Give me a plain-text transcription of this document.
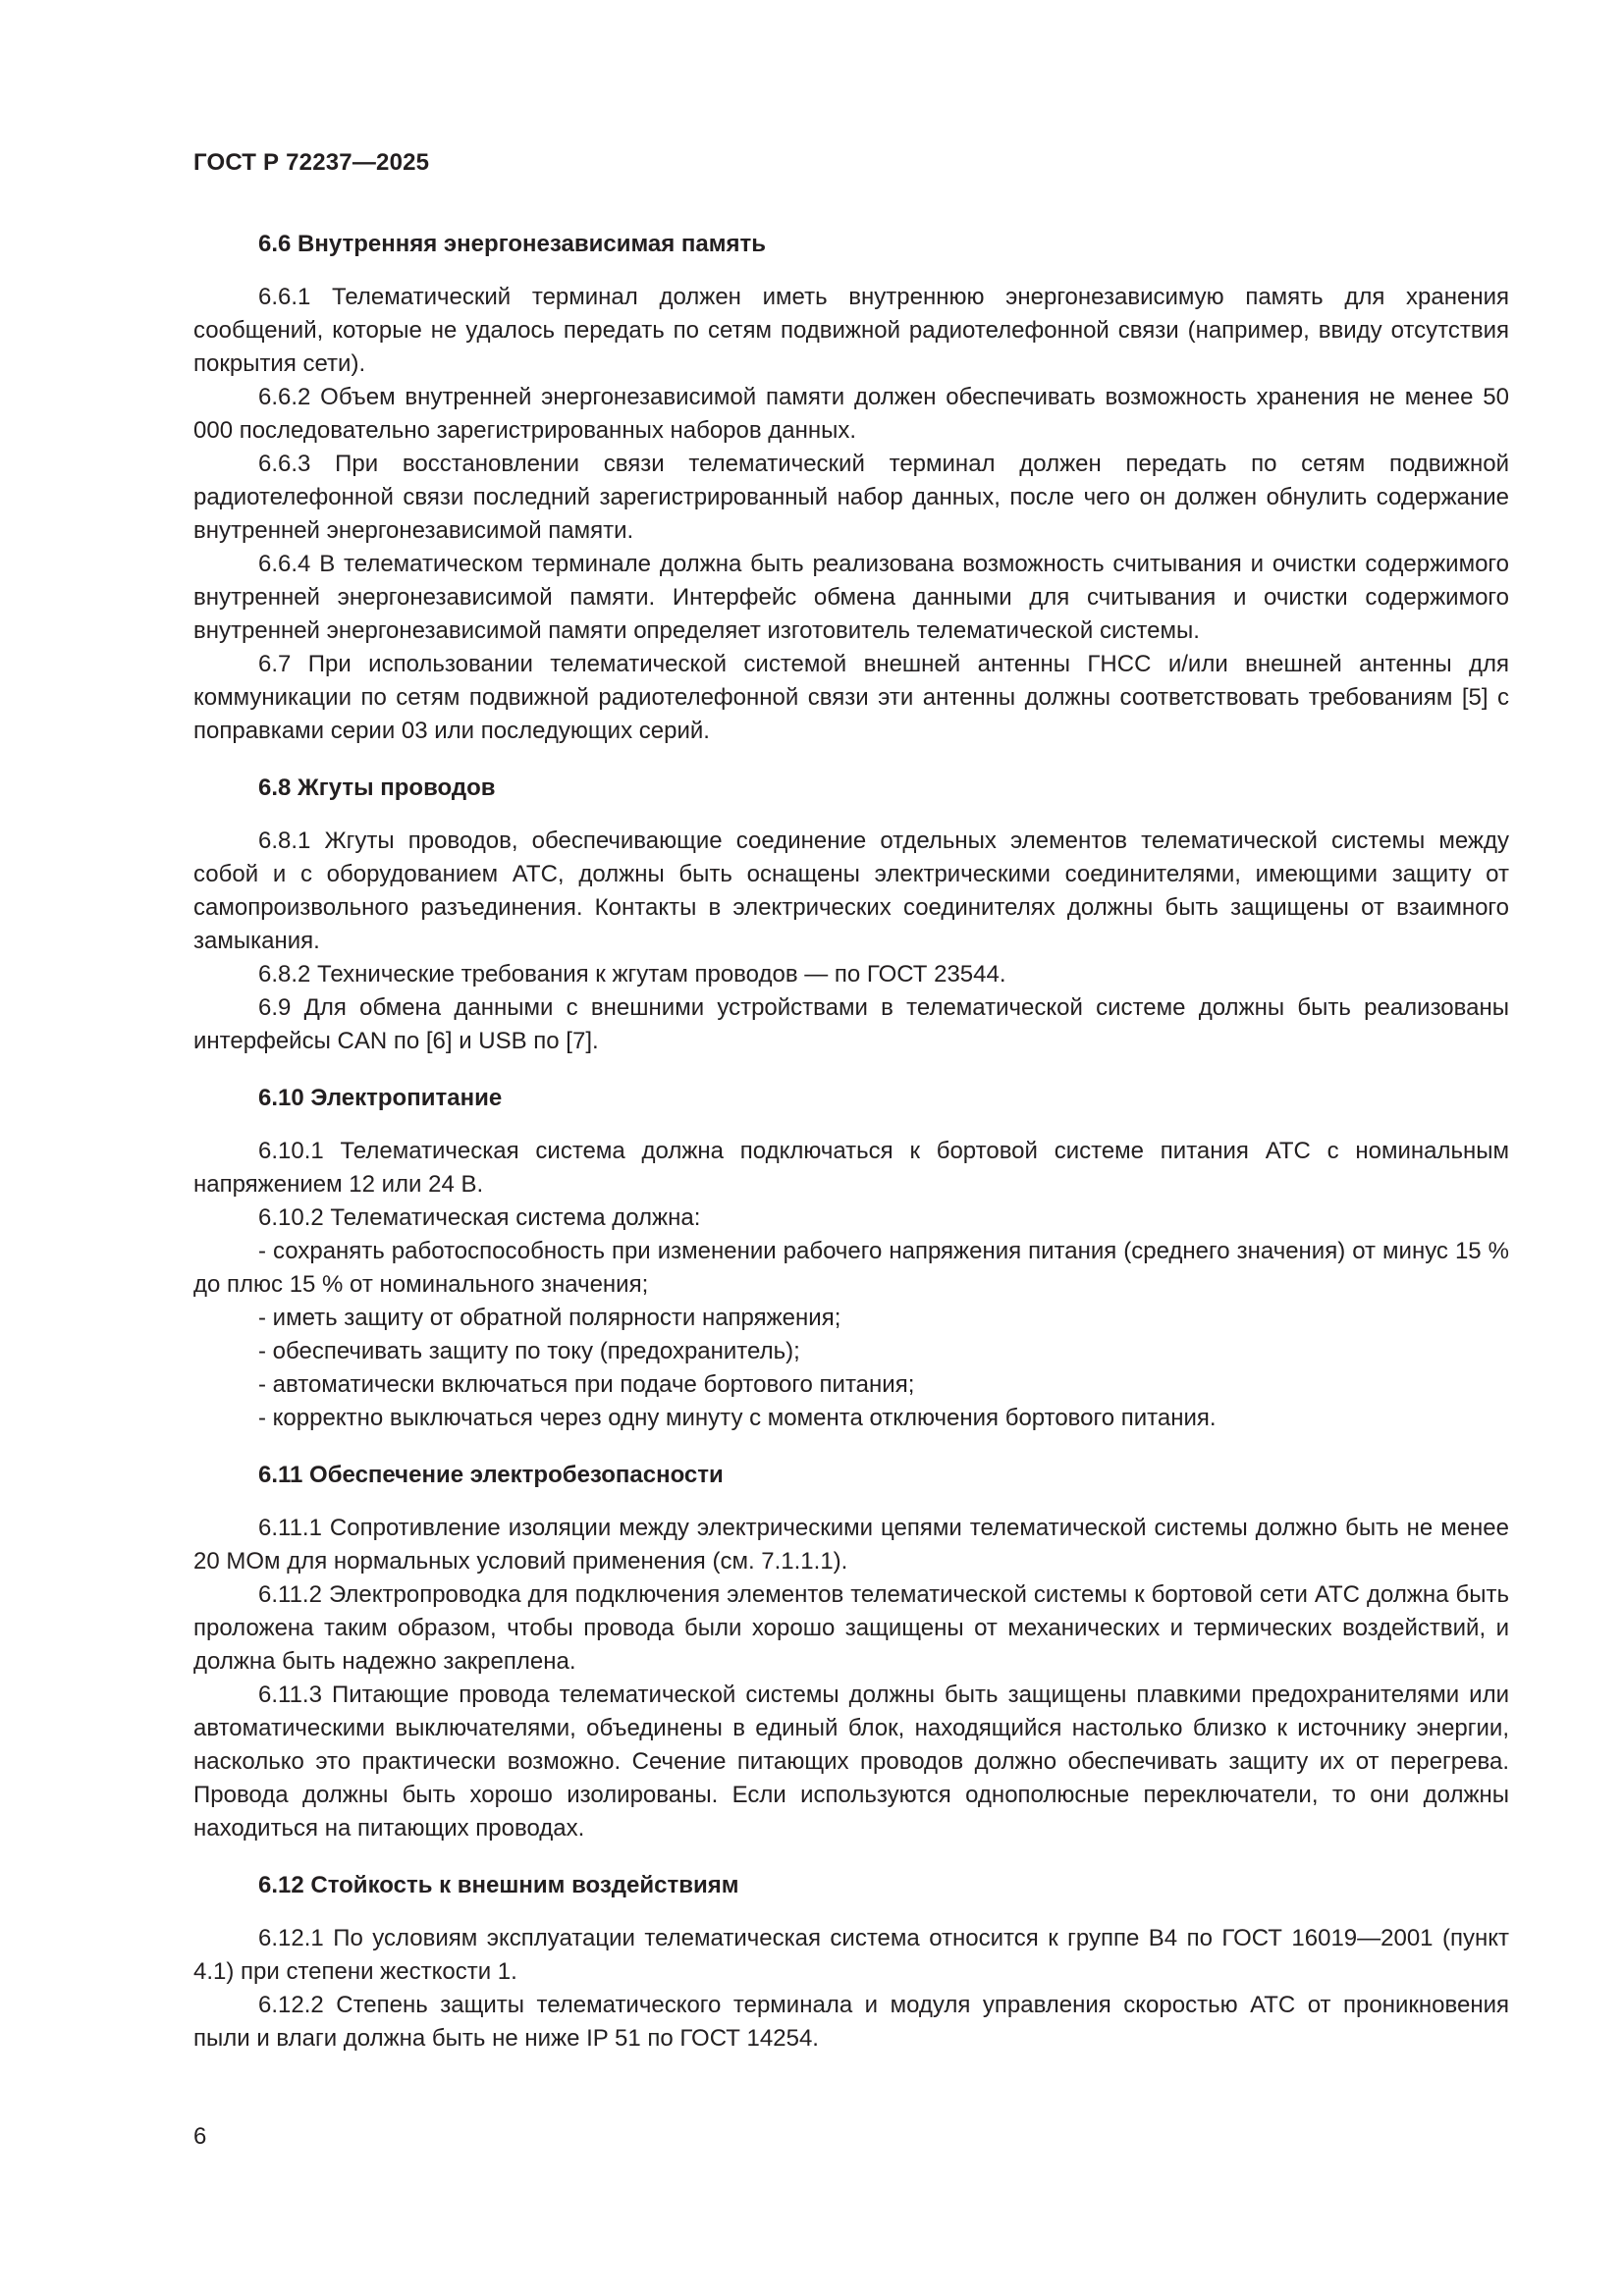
ГОСТ Р 72237—2025
6.6 Внутренняя энергонезависимая память

6.6.1 Телематический терминал должен иметь внутреннюю энергонезависимую память для хранения сообщений, которые не удалось передать по сетям подвижной радиотелефонной связи (например, ввиду отсутствия покрытия сети).

6.6.2 Объем внутренней энергонезависимой памяти должен обеспечивать возможность хранения не менее 50 000 последовательно зарегистрированных наборов данных.

6.6.3 При восстановлении связи телематический терминал должен передать по сетям подвижной радиотелефонной связи последний зарегистрированный набор данных, после чего он должен обнулить содержание внутренней энергонезависимой памяти.

6.6.4 В телематическом терминале должна быть реализована возможность считывания и очистки содержимого внутренней энергонезависимой памяти. Интерфейс обмена данными для считывания и очистки содержимого внутренней энергонезависимой памяти определяет изготовитель телематической системы.

6.7 При использовании телематической системой внешней антенны ГНСС и/или внешней антенны для коммуникации по сетям подвижной радиотелефонной связи эти антенны должны соответствовать требованиям [5] с поправками серии 03 или последующих серий.

6.8 Жгуты проводов

6.8.1 Жгуты проводов, обеспечивающие соединение отдельных элементов телематической системы между собой и с оборудованием АТС, должны быть оснащены электрическими соединителями, имеющими защиту от самопроизвольного разъединения. Контакты в электрических соединителях должны быть защищены от взаимного замыкания.

6.8.2 Технические требования к жгутам проводов — по ГОСТ 23544.

6.9 Для обмена данными с внешними устройствами в телематической системе должны быть реализованы интерфейсы CAN по [6] и USB по [7].

6.10 Электропитание

6.10.1 Телематическая система должна подключаться к бортовой системе питания АТС с номинальным напряжением 12 или 24 В.

6.10.2 Телематическая система должна:

- сохранять работоспособность при изменении рабочего напряжения питания (среднего значения) от минус 15 % до плюс 15 % от номинального значения;

- иметь защиту от обратной полярности напряжения;

- обеспечивать защиту по току (предохранитель);

- автоматически включаться при подаче бортового питания;

- корректно выключаться через одну минуту с момента отключения бортового питания.

6.11 Обеспечение электробезопасности

6.11.1 Сопротивление изоляции между электрическими цепями телематической системы должно быть не менее 20 МОм для нормальных условий применения (см. 7.1.1.1).

6.11.2 Электропроводка для подключения элементов телематической системы к бортовой сети АТС должна быть проложена таким образом, чтобы провода были хорошо защищены от механических и термических воздействий, и должна быть надежно закреплена.

6.11.3 Питающие провода телематической системы должны быть защищены плавкими предохранителями или автоматическими выключателями, объединены в единый блок, находящийся настолько близко к источнику энергии, насколько это практически возможно. Сечение питающих проводов должно обеспечивать защиту их от перегрева. Провода должны быть хорошо изолированы. Если используются однополюсные переключатели, то они должны находиться на питающих проводах.

6.12 Стойкость к внешним воздействиям

6.12.1 По условиям эксплуатации телематическая система относится к группе В4 по ГОСТ 16019—2001 (пункт 4.1) при степени жесткости 1.

6.12.2 Степень защиты телематического терминала и модуля управления скоростью АТС от проникновения пыли и влаги должна быть не ниже IP 51 по ГОСТ 14254.

6
